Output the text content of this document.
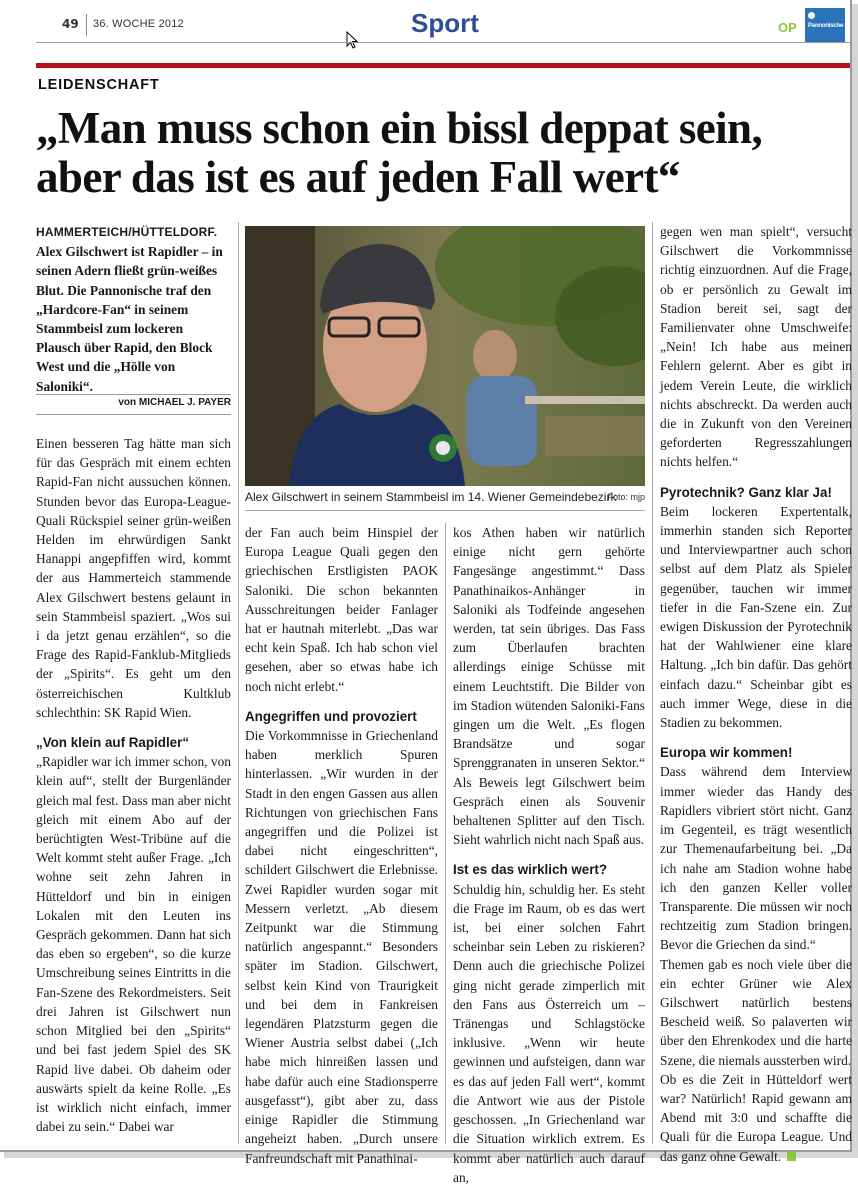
49 36. WOCHE 2012	Sport	OP Pannonische
LEIDENSCHAFT
„Man muss schon ein bissl deppat sein,
aber das ist es auf jeden Fall wert“
HAMMERTEICH/HÜTTELDORF. Alex Gilschwert ist Rapidler – in seinen Adern fließt grün-weißes Blut. Die Pannonische traf den „Hardcore-Fan“ in seinem Stammbeisl zum lockeren Plausch über Rapid, den Block West und die „Hölle von Saloniki“.
von MICHAEL J. PAYER
Alex Gilschwert in seinem Stammbeisl im 14. Wiener Gemeindebezirk
Foto: mjp

Einen besseren Tag hätte man sich für das Gespräch mit einem echten Rapid-Fan nicht aussuchen können. Stunden bevor das Europa-League-Quali Rückspiel seiner grün-weißen Helden im ehrwürdigen Sankt Hanappi angepfiffen wird, kommt der aus Hammerteich stammende Alex Gilschwert bestens gelaunt in sein Stammbeisl spaziert. „Wos sui i da jetzt genau erzählen“, so die Frage des Rapid-Fanklub-Mitglieds der „Spirits“. Es geht um den österreichischen Kultklub schlechthin: SK Rapid Wien.

„Von klein auf Rapidler“

„Rapidler war ich immer schon, von klein auf“, stellt der Burgenländer gleich mal fest. Dass man aber nicht gleich mit einem Abo auf der berüchtigten West-Tribüne auf die Welt kommt steht außer Frage. „Ich wohne seit zehn Jahren in Hütteldorf und bin in einigen Lokalen mit den Leuten ins Gespräch gekommen. Dann hat sich das eben so ergeben“, so die kurze Umschreibung seines Eintritts in die Fan-Szene des Rekordmeisters. Seit drei Jahren ist Gilschwert nun schon Mitglied bei den „Spirits“ und bei fast jedem Spiel des SK Rapid live dabei. Ob daheim oder auswärts spielt da keine Rolle. „Es ist wirklich nicht einfach, immer dabei zu sein.“ Dabei war

der Fan auch beim Hinspiel der Europa League Quali gegen den griechischen Erstligisten PAOK Saloniki. Die schon bekannten Ausschreitungen beider Fanlager hat er hautnah miterlebt. „Das war echt kein Spaß. Ich hab schon viel gesehen, aber so etwas habe ich noch nicht erlebt.“

Angegriffen und provoziert

Die Vorkommnisse in Griechenland haben merklich Spuren hinterlassen. „Wir wurden in der Stadt in den engen Gassen aus allen Richtungen von griechischen Fans angegriffen und die Polizei ist dabei nicht eingeschritten“, schildert Gilschwert die Erlebnisse. Zwei Rapidler wurden sogar mit Messern verletzt. „Ab diesem Zeitpunkt war die Stimmung natürlich angespannt.“ Besonders später im Stadion. Gilschwert, selbst kein Kind von Traurigkeit und bei dem in Fankreisen legendären Platzsturm gegen die Wiener Austria selbst dabei („Ich habe mich hinreißen lassen und habe dafür auch eine Stadionsperre ausgefasst“), gibt aber zu, dass einige Rapidler die Stimmung angeheizt haben. „Durch unsere Fanfreundschaft mit Panathinai-

kos Athen haben wir natürlich einige nicht gern gehörte Fangesänge angestimmt.“ Dass Panathinaikos-Anhänger in Saloniki als Todfeinde angesehen werden, tat sein übriges. Das Fass zum Überlaufen brachten allerdings einige Schüsse mit einem Leuchtstift. Die Bilder von im Stadion wütenden Saloniki-Fans gingen um die Welt. „Es flogen Brandsätze und sogar Sprenggranaten in unseren Sektor.“ Als Beweis legt Gilschwert beim Gespräch einen als Souvenir behaltenen Splitter auf den Tisch. Sieht wahrlich nicht nach Spaß aus.

Ist es das wirklich wert?

Schuldig hin, schuldig her. Es steht die Frage im Raum, ob es das wert ist, bei einer solchen Fahrt scheinbar sein Leben zu riskieren? Denn auch die griechische Polizei ging nicht gerade zimperlich mit den Fans aus Österreich um – Tränengas und Schlagstöcke inklusive. „Wenn wir heute gewinnen und aufsteigen, dann war es das auf jeden Fall wert“, kommt die Antwort wie aus der Pistole geschossen. „In Griechenland war die Situation wirklich extrem. Es kommt aber natürlich auch darauf an,

gegen wen man spielt“, versucht Gilschwert die Vorkommnisse richtig einzuordnen. Auf die Frage, ob er persönlich zu Gewalt im Stadion bereit sei, sagt der Familienvater ohne Umschweife: „Nein! Ich habe aus meinen Fehlern gelernt. Aber es gibt in jedem Verein Leute, die wirklich nichts abschreckt. Da werden auch die in Zukunft von den Vereinen geforderten Regresszahlungen nichts helfen.“

Pyrotechnik? Ganz klar Ja!

Beim lockeren Expertentalk, immerhin standen sich Reporter und Interviewpartner auch schon selbst auf dem Platz als Spieler gegenüber, tauchen wir immer tiefer in die Fan-Szene ein. Zur ewigen Diskussion der Pyrotechnik hat der Wahlwiener eine klare Haltung. „Ich bin dafür. Das gehört einfach dazu.“ Scheinbar gibt es auch immer Wege, diese in die Stadien zu bekommen.

Europa wir kommen!

Dass während dem Interview immer wieder das Handy des Rapidlers vibriert stört nicht. Ganz im Gegenteil, es trägt wesentlich zur Themenaufarbeitung bei. „Da ich nahe am Stadion wohne habe ich den ganzen Keller voller Transparente. Die müssen wir noch rechtzeitig zum Stadion bringen. Bevor die Griechen da sind.“

Themen gab es noch viele über die ein echter Grüner wie Alex Gilschwert natürlich bestens Bescheid weiß. So palaverten wir über den Ehrenkodex und die harte Szene, die niemals aussterben wird.

Ob es die Zeit in Hütteldorf wert war? Natürlich! Rapid gewann am Abend mit 3:0 und schaffte die Quali für die Europa League. Und das ganz ohne Gewalt.
